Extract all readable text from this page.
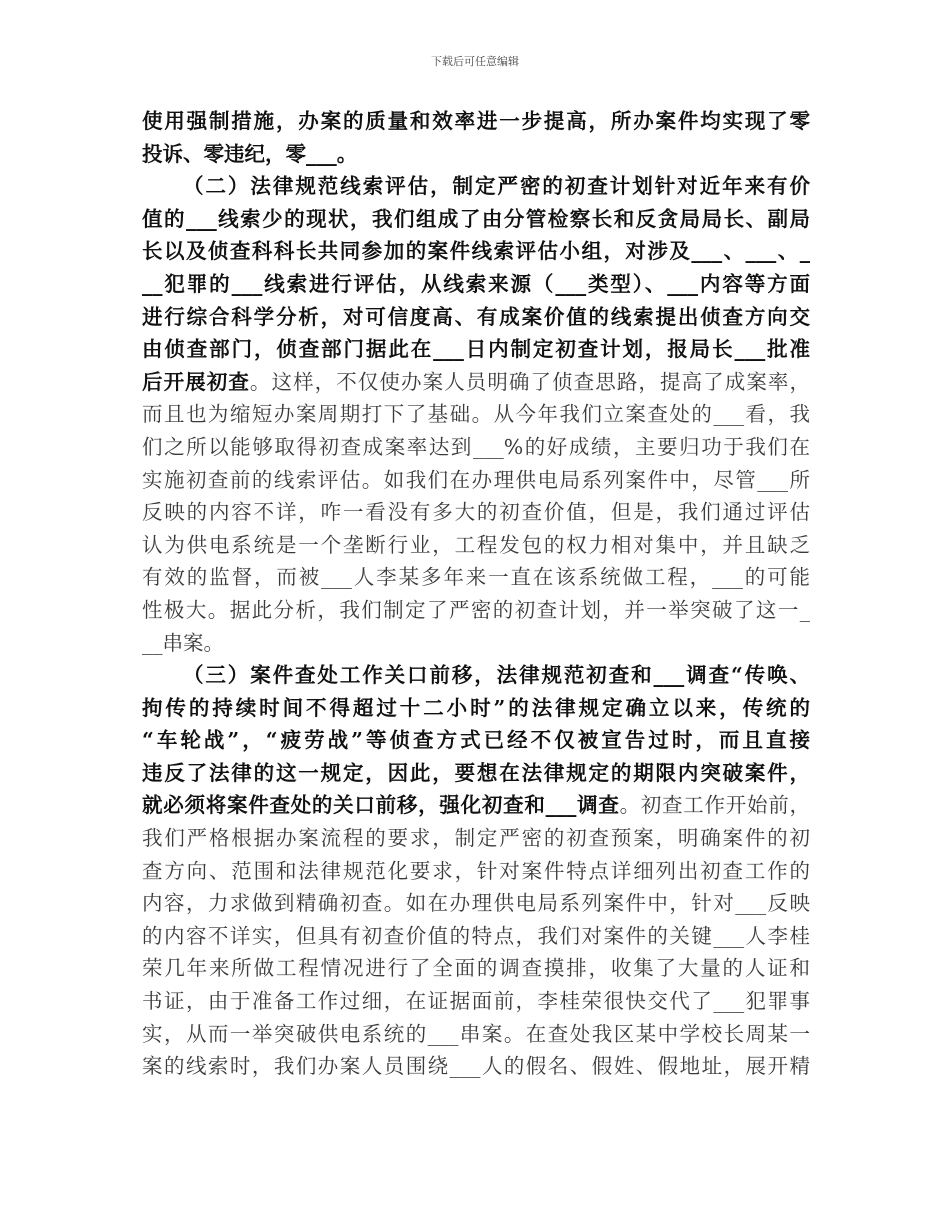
下载后可任意编辑
使用强制措施，办案的质量和效率进一步提高，所办案件均实现了零
投诉、零违纪，零___。
（二）法律规范线索评估，制定严密的初查计划针对近年来有价
值的___线索少的现状，我们组成了由分管检察长和反贪局局长、副局
长以及侦查科科长共同参加的案件线索评估小组，对涉及___、___、_
__犯罪的___线索进行评估，从线索来源（___类型）、___内容等方面
进行综合科学分析，对可信度高、有成案价值的线索提出侦查方向交
由侦查部门，侦查部门据此在___日内制定初查计划，报局长___批准
后开展初查。这样，不仅使办案人员明确了侦查思路，提高了成案率，
而且也为缩短办案周期打下了基础。从今年我们立案查处的___看，我
们之所以能够取得初查成案率达到___%的好成绩，主要归功于我们在
实施初查前的线索评估。如我们在办理供电局系列案件中，尽管___所
反映的内容不详，咋一看没有多大的初查价值，但是，我们通过评估
认为供电系统是一个垄断行业，工程发包的权力相对集中，并且缺乏
有效的监督，而被___人李某多年来一直在该系统做工程，___的可能
性极大。据此分析，我们制定了严密的初查计划，并一举突破了这一_
__串案。
（三）案件查处工作关口前移，法律规范初查和___调查“传唤、
拘传的持续时间不得超过十二小时”的法律规定确立以来，传统的
“车轮战”，“疲劳战”等侦查方式已经不仅被宣告过时，而且直接
违反了法律的这一规定，因此，要想在法律规定的期限内突破案件，
就必须将案件查处的关口前移，强化初查和___调查。初查工作开始前，
我们严格根据办案流程的要求，制定严密的初查预案，明确案件的初
查方向、范围和法律规范化要求，针对案件特点详细列出初查工作的
内容，力求做到精确初查。如在办理供电局系列案件中，针对___反映
的内容不详实，但具有初查价值的特点，我们对案件的关键___人李桂
荣几年来所做工程情况进行了全面的调查摸排，收集了大量的人证和
书证，由于准备工作过细，在证据面前，李桂荣很快交代了___犯罪事
实，从而一举突破供电系统的___串案。在查处我区某中学校长周某一
案的线索时，我们办案人员围绕___人的假名、假姓、假地址，展开精
